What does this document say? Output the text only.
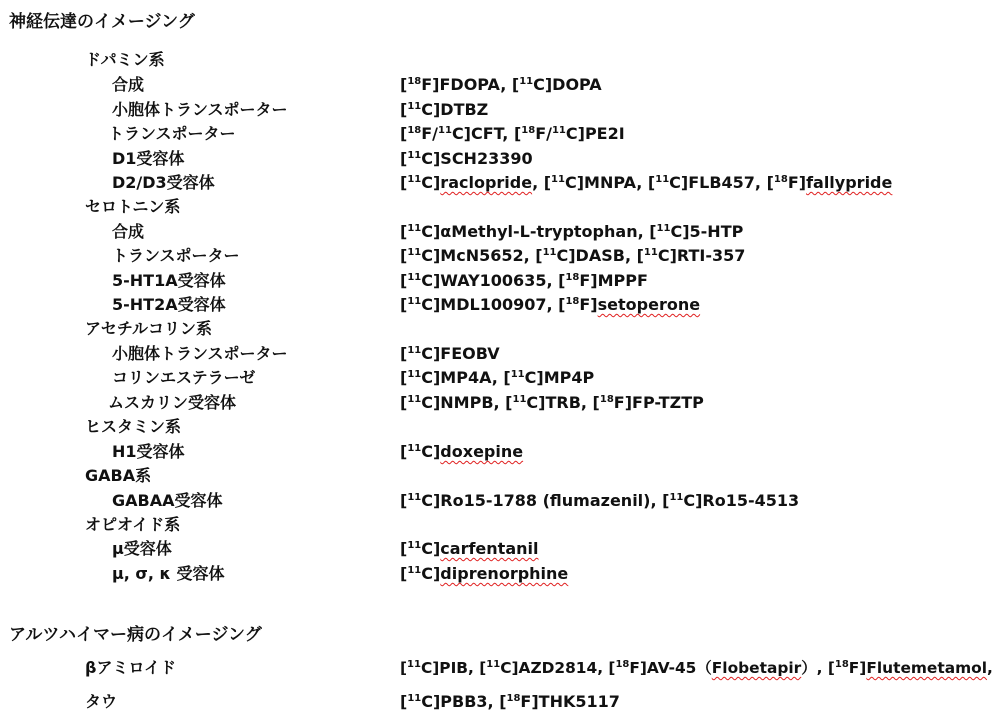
神経伝達のイメージング
ドパミン系
合成	[$^{18}$F]FDOPA, [$^{11}$C]DOPA
小胞体トランスポーター	[$^{11}$C]DTBZ
トランスポーター	[$^{18}$F/$^{11}$C]CFT, [$^{18}$F/$^{11}$C]PE2I
D1受容体	[$^{11}$C]SCH23390
D2/D3受容体	[$^{11}$C]raclopride, [$^{11}$C]MNPA, [$^{11}$C]FLB457, [$^{18}$F]fallypride
セロトニン系
合成	[$^{11}$C]αMethyl-L-tryptophan, [$^{11}$C]5-HTP
トランスポーター	[$^{11}$C]McN5652, [$^{11}$C]DASB, [$^{11}$C]RTI-357
5-HT1A受容体	[$^{11}$C]WAY100635, [$^{18}$F]MPPF
5-HT2A受容体	[$^{11}$C]MDL100907, [$^{18}$F]setoperone
アセチルコリン系
小胞体トランスポーター	[$^{11}$C]FEOBV
コリンエステラーゼ	[$^{11}$C]MP4A, [$^{11}$C]MP4P
ムスカリン受容体	[$^{11}$C]NMPB, [$^{11}$C]TRB, [$^{18}$F]FP-TZTP
ヒスタミン系
H1受容体	[$^{11}$C]doxepine
GABA系
GABAA受容体	[$^{11}$C]Ro15-1788 (flumazenil), [$^{11}$C]Ro15-4513
オピオイド系
μ受容体	[$^{11}$C]carfentanil
μ, σ, κ 受容体	[$^{11}$C]diprenorphine
アルツハイマー病のイメージング
βアミロイド	[$^{11}$C]PIB, [$^{11}$C]AZD2814, [$^{18}$F]AV-45（Flobetapir）, [$^{18}$F]Flutemetamol,
タウ	[$^{11}$C]PBB3, [$^{18}$F]THK5117
